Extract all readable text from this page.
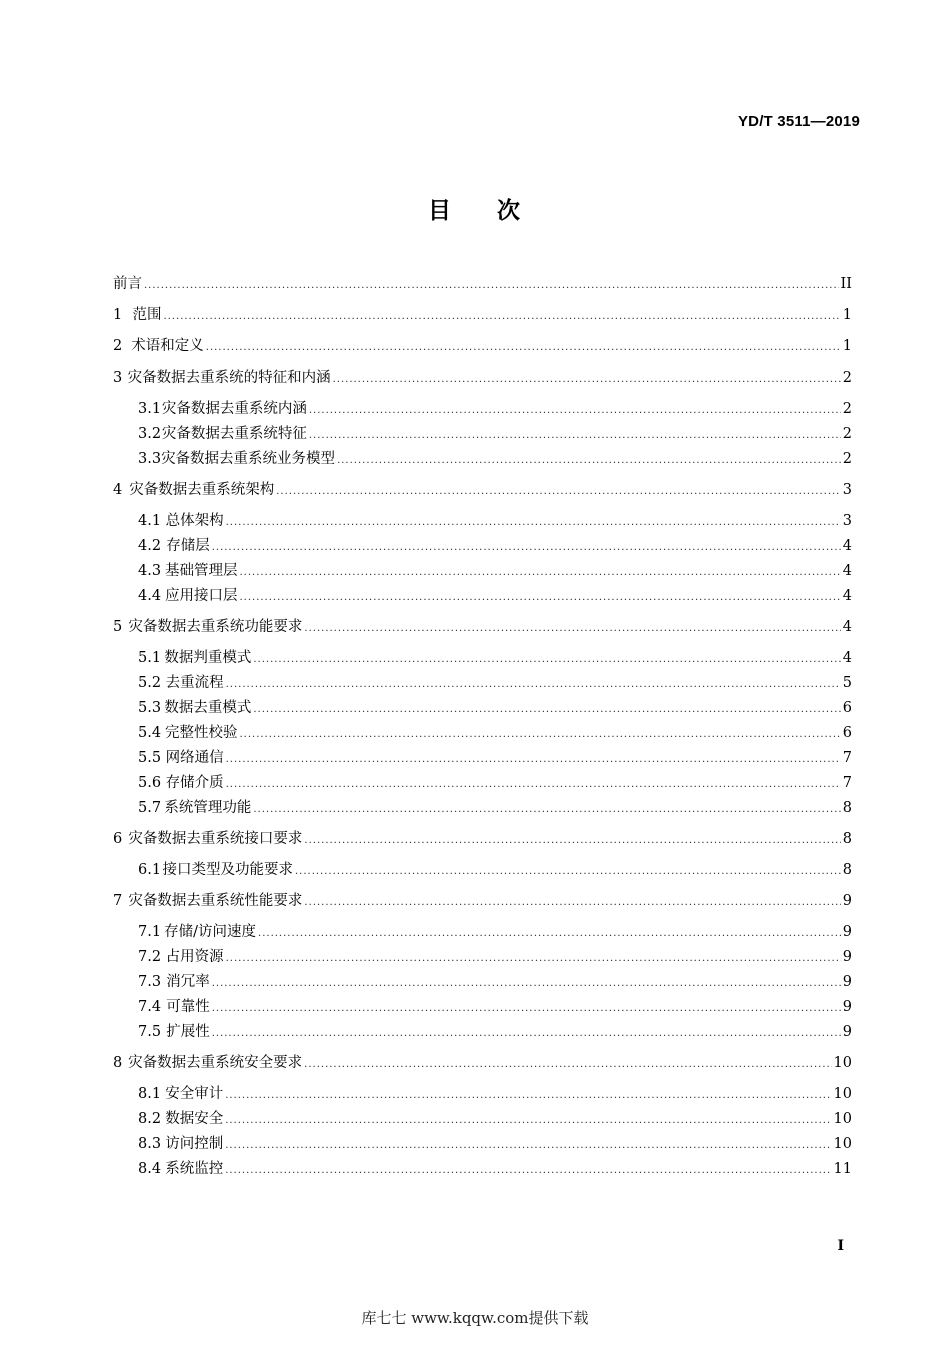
YD/T 3511—2019
目 次
前言 .....	II
1 范围 .....	1
2 术语和定义 .....	1
3 灾备数据去重系统的特征和内涵 .....	2
3.1 灾备数据去重系统内涵 .....	2
3.2 灾备数据去重系统特征 .....	2
3.3 灾备数据去重系统业务模型 .....	2
4 灾备数据去重系统架构 .....	3
4.1 总体架构 .....	3
4.2 存储层 .....	4
4.3 基础管理层 .....	4
4.4 应用接口层 .....	4
5 灾备数据去重系统功能要求 .....	4
5.1 数据判重模式 .....	4
5.2 去重流程 .....	5
5.3 数据去重模式 .....	6
5.4 完整性校验 .....	6
5.5 网络通信 .....	7
5.6 存储介质 .....	7
5.7 系统管理功能 .....	8
6 灾备数据去重系统接口要求 .....	8
6.1 接口类型及功能要求 .....	8
7 灾备数据去重系统性能要求 .....	9
7.1 存储/访问速度 .....	9
7.2 占用资源 .....	9
7.3 消冗率 .....	9
7.4 可靠性 .....	9
7.5 扩展性 .....	9
8 灾备数据去重系统安全要求 .....	10
8.1 安全审计 .....	10
8.2 数据安全 .....	10
8.3 访问控制 .....	10
8.4 系统监控 .....	11
I
库七七 www.kqqw.com提供下载
